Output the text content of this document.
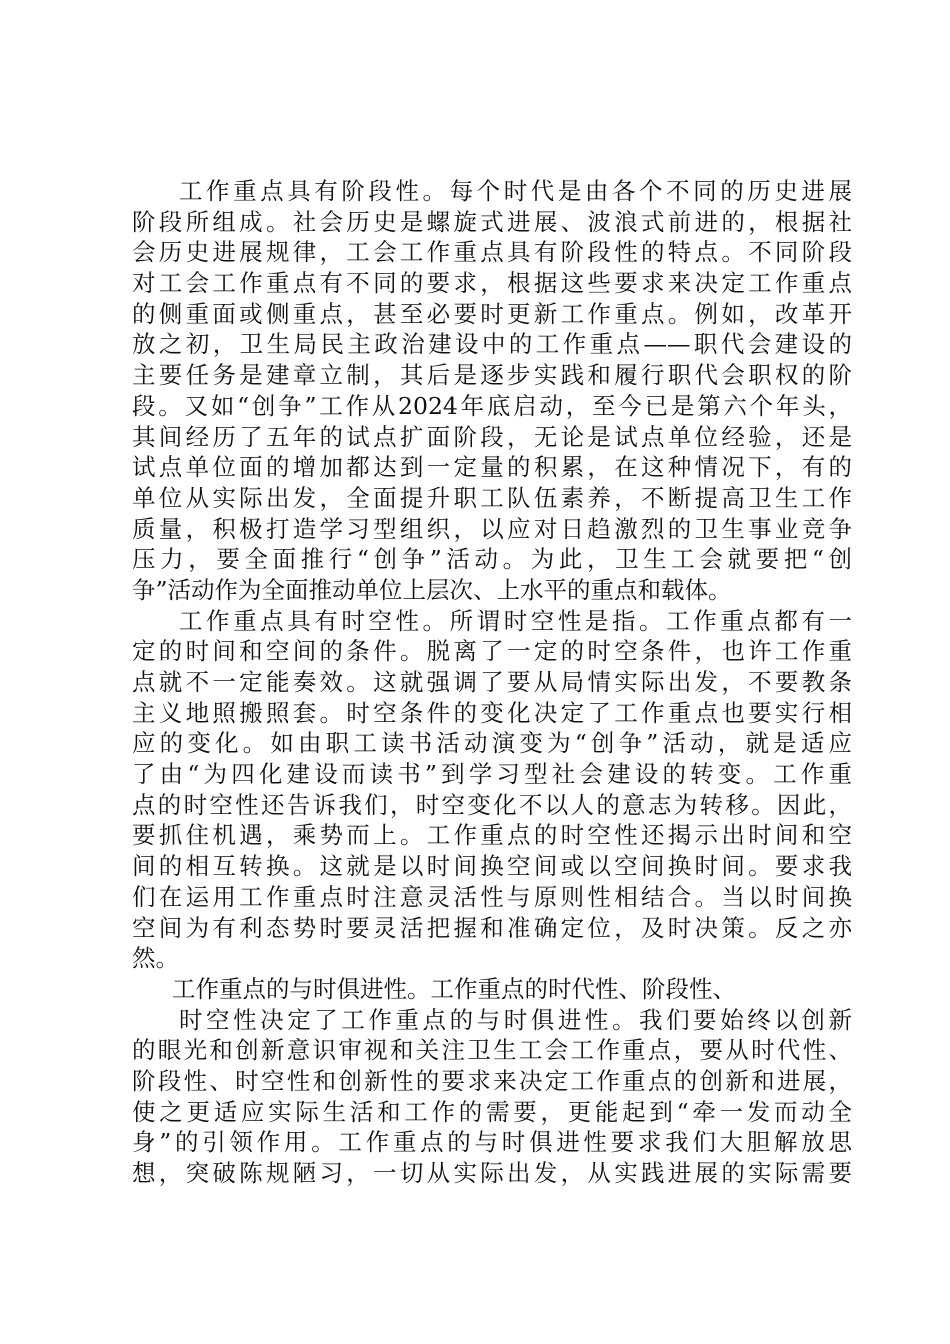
工作重点具有阶段性。每个时代是由各个不同的历史进展
阶段所组成。社会历史是螺旋式进展、波浪式前进的，根据社
会历史进展规律，工会工作重点具有阶段性的特点。不同阶段
对工会工作重点有不同的要求，根据这些要求来决定工作重点
的侧重面或侧重点，甚至必要时更新工作重点。例如，改革开
放之初，卫生局民主政治建设中的工作重点——职代会建设的
主要任务是建章立制，其后是逐步实践和履行职代会职权的阶
段。又如“创争”工作从2024年底启动，至今已是第六个年头，
其间经历了五年的试点扩面阶段，无论是试点单位经验，还是
试点单位面的增加都达到一定量的积累，在这种情况下，有的
单位从实际出发，全面提升职工队伍素养，不断提高卫生工作
质量，积极打造学习型组织，以应对日趋激烈的卫生事业竞争
压力，要全面推行“创争”活动。为此，卫生工会就要把“创
争”活动作为全面推动单位上层次、上水平的重点和载体。
工作重点具有时空性。所谓时空性是指。工作重点都有一
定的时间和空间的条件。脱离了一定的时空条件，也许工作重
点就不一定能奏效。这就强调了要从局情实际出发，不要教条
主义地照搬照套。时空条件的变化决定了工作重点也要实行相
应的变化。如由职工读书活动演变为“创争”活动，就是适应
了由“为四化建设而读书”到学习型社会建设的转变。工作重
点的时空性还告诉我们，时空变化不以人的意志为转移。因此，
要抓住机遇，乘势而上。工作重点的时空性还揭示出时间和空
间的相互转换。这就是以时间换空间或以空间换时间。要求我
们在运用工作重点时注意灵活性与原则性相结合。当以时间换
空间为有利态势时要灵活把握和准确定位，及时决策。反之亦
然。
工作重点的与时俱进性。工作重点的时代性、阶段性、
时空性决定了工作重点的与时俱进性。我们要始终以创新
的眼光和创新意识审视和关注卫生工会工作重点，要从时代性、
阶段性、时空性和创新性的要求来决定工作重点的创新和进展，
使之更适应实际生活和工作的需要，更能起到“牵一发而动全
身”的引领作用。工作重点的与时俱进性要求我们大胆解放思
想，突破陈规陋习，一切从实际出发，从实践进展的实际需要
